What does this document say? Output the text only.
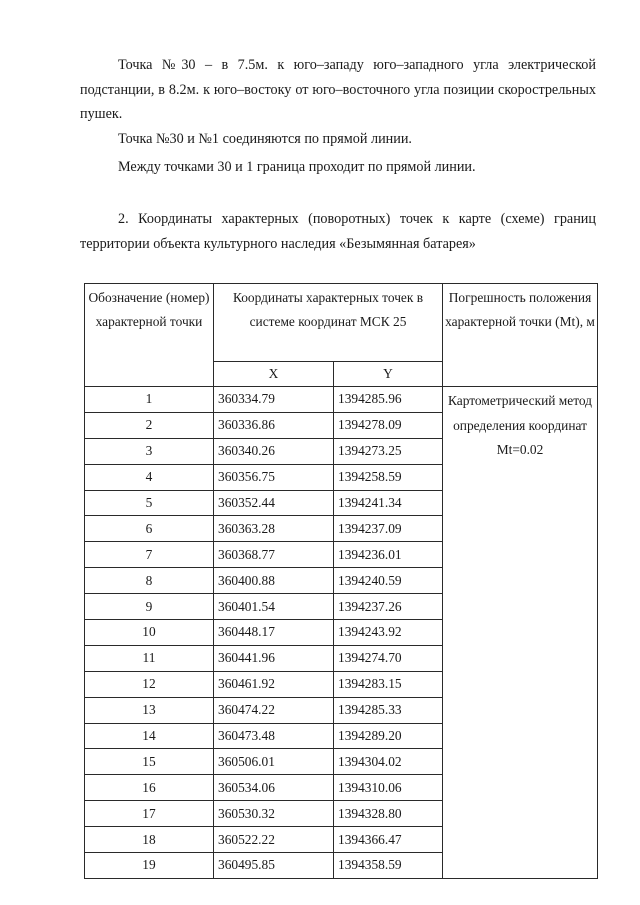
Точка №30 – в 7.5м. к юго–западу юго–западного угла электрической подстанции, в 8.2м. к юго–востоку от юго–восточного угла позиции скорострельных пушек.
Точка №30 и №1 соединяются по прямой линии.
Между точками 30 и 1 граница проходит по прямой линии.
2. Координаты характерных (поворотных) точек к карте (схеме) границ территории объекта культурного наследия «Безымянная батарея»
Обозначение (номер) характерной точки	Координаты характерных точек в системе координат МСК 25		Погрешность положения характерной точки (Mt), м
	X	Y	
1	360334.79	1394285.96	Картометрический метод определения координат Mt=0.02
2	360336.86	1394278.09	
3	360340.26	1394273.25	
4	360356.75	1394258.59	
5	360352.44	1394241.34	
6	360363.28	1394237.09	
7	360368.77	1394236.01	
8	360400.88	1394240.59	
9	360401.54	1394237.26	
10	360448.17	1394243.92	
11	360441.96	1394274.70	
12	360461.92	1394283.15	
13	360474.22	1394285.33	
14	360473.48	1394289.20	
15	360506.01	1394304.02	
16	360534.06	1394310.06	
17	360530.32	1394328.80	
18	360522.22	1394366.47	
19	360495.85	1394358.59	
